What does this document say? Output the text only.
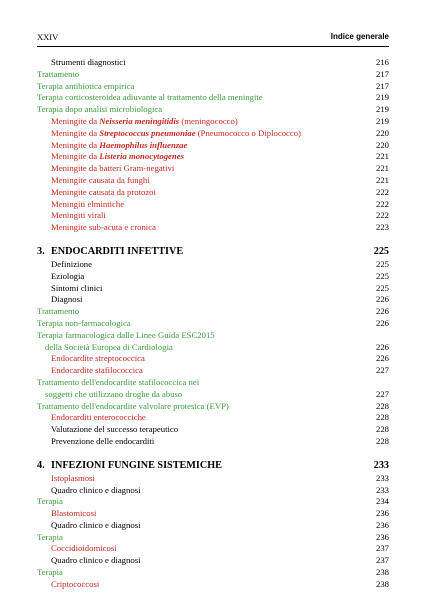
XXIV	Indice generale
Strumenti diagnostici	216
Trattamento	217
Terapia antibiotica empirica	217
Terapia corticosteroidea adiuvante al trattamento della meningite	219
Terapia dopo analisi microbiologica	219
Meningite da Neisseria meningitidis (meningococco)	219
Meningite da Streptococcus pneumoniae (Pneumococco o Diplococco)	220
Meningite da Haemophilus influenzae	220
Meningite da Listeria monocytogenes	221
Meningite da batteri Gram-negativi	221
Meningite causata da funghi	221
Meningite causata da protozoi	222
Meningiti elmintiche	222
Meningiti virali	222
Meningite sub-acuta e cronica	223
3. ENDOCARDITI INFETTIVE	225
Definizione	225
Eziologia	225
Sintomi clinici	225
Diagnosi	226
Trattamento	226
Terapia non-farmacologica	226
Terapia farmacologica dalle Linee Guida ESC2015
della Società Europea di Cardiologia	226
Endocardite streptococcica	226
Endocardite stafilococcica	227
Trattamento dell'endocardite stafilococcica nei
soggetti che utilizzano droghe da abuso	227
Trattamento dell'endocardite valvolare protesica (EVP)	228
Endocarditi enterococciche	228
Valutazione del successo terapeutico	228
Prevenzione delle endocarditi	228
4. INFEZIONI FUNGINE SISTEMICHE	233
Istoplasmosi	233
Quadro clinico e diagnosi	233
Terapia	234
Blastomicosi	236
Quadro clinico e diagnosi	236
Terapia	236
Coccidioidomicosi	237
Quadro clinico e diagnosi	237
Terapia	238
Criptococcosi	238
